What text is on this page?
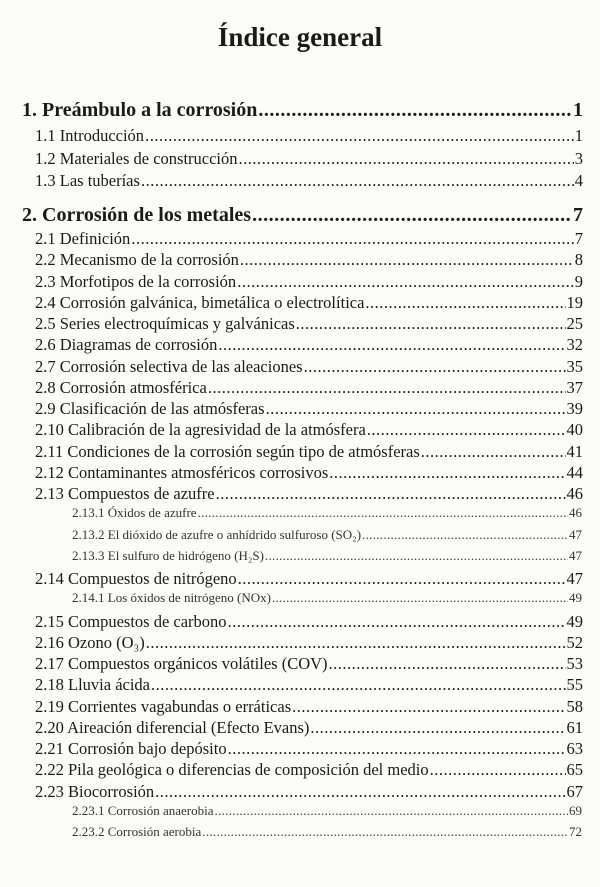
Índice general
1. Preámbulo a la corrosión .....	1
1.1 Introducción .....	1
1.2 Materiales de construcción .....	3
1.3 Las tuberías .....	4
2. Corrosión de los metales .....	7
2.1 Definición .....	7
2.2 Mecanismo de la corrosión .....	8
2.3 Morfotipos de la corrosión .....	9
2.4 Corrosión galvánica, bimetálica o electrolítica .....	19
2.5 Series electroquímicas y galvánicas .....	25
2.6 Diagramas de corrosión .....	32
2.7 Corrosión selectiva de las aleaciones .....	35
2.8 Corrosión atmosférica .....	37
2.9 Clasificación de las atmósferas .....	39
2.10 Calibración de la agresividad de la atmósfera .....	40
2.11 Condiciones de la corrosión según tipo de atmósferas .....	41
2.12 Contaminantes atmosféricos corrosivos .....	44
2.13 Compuestos de azufre .....	46
2.13.1 Óxidos de azufre .....	46
2.13.2 El dióxido de azufre o anhídrido sulfuroso (SO₂) .....	47
2.13.3 El sulfuro de hidrógeno (H₂S) .....	47
2.14 Compuestos de nitrógeno .....	47
2.14.1 Los óxidos de nitrógeno (NOx) .....	49
2.15 Compuestos de carbono .....	49
2.16 Ozono (O₃) .....	52
2.17 Compuestos orgánicos volátiles (COV) .....	53
2.18 Lluvia ácida .....	55
2.19 Corrientes vagabundas o erráticas .....	58
2.20 Aireación diferencial (Efecto Evans) .....	61
2.21 Corrosión bajo depósito .....	63
2.22 Pila geológica o diferencias de composición del medio .....	65
2.23 Biocorrosión .....	67
2.23.1 Corrosión anaerobia .....	69
2.23.2 Corrosión aerobia .....	72
